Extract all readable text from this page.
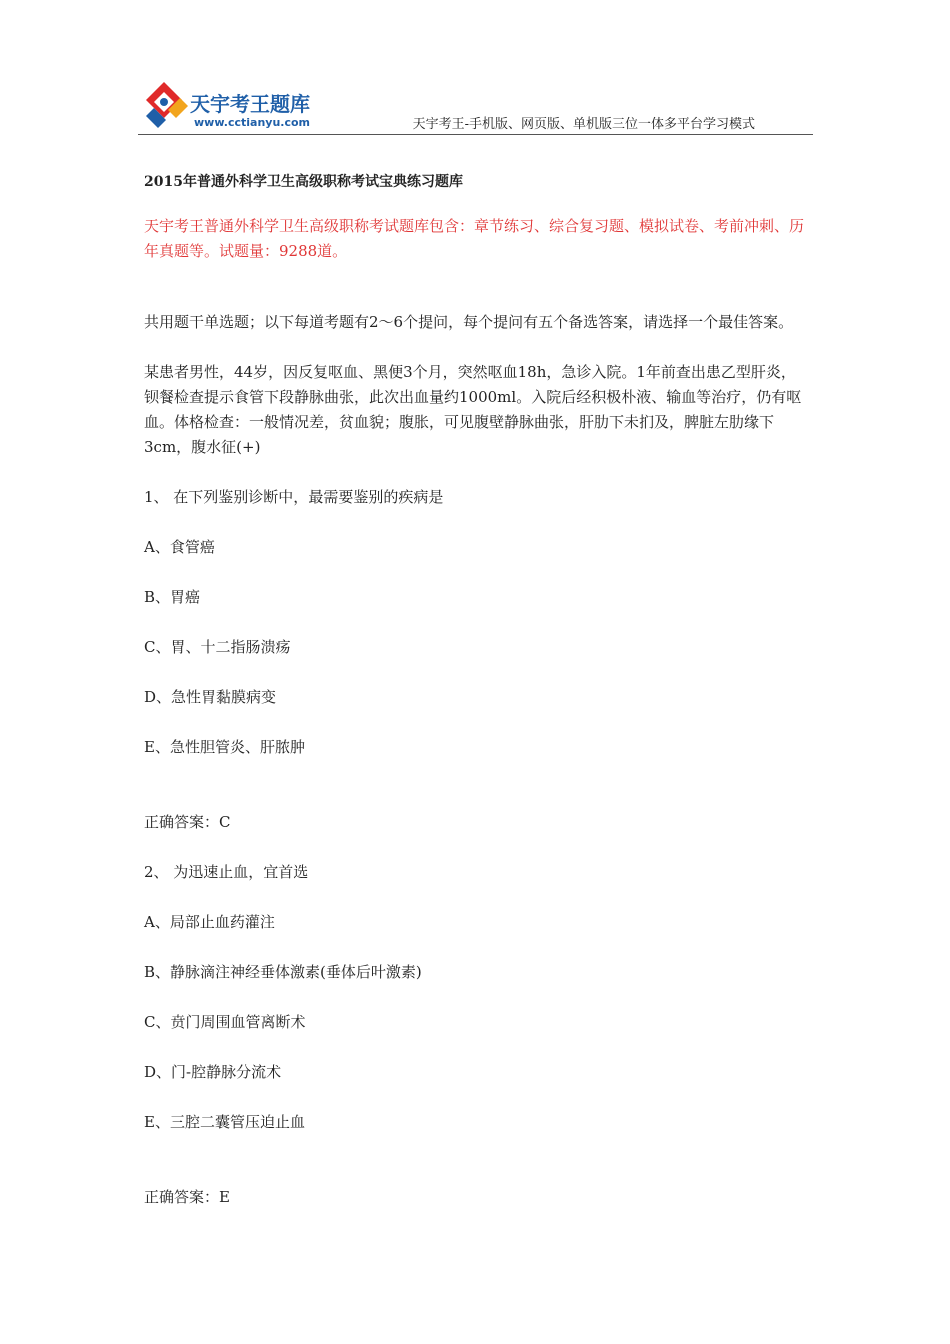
天宇考王题库
www.cctianyu.com	天宇考王-手机版、网页版、单机版三位一体多平台学习模式
2015年普通外科学卫生高级职称考试宝典练习题库
天宇考王普通外科学卫生高级职称考试题库包含：章节练习、综合复习题、模拟试卷、考前冲刺、历年真题等。试题量：9288道。
共用题干单选题；以下每道考题有2～6个提问，每个提问有五个备选答案，请选择一个最佳答案。
某患者男性，44岁，因反复呕血、黑便3个月，突然呕血18h，急诊入院。1年前查出患乙型肝炎，钡餐检查提示食管下段静脉曲张，此次出血量约1000ml。入院后经积极朴液、输血等治疗，仍有呕血。体格检查：一般情况差，贫血貌；腹胀，可见腹壁静脉曲张，肝肋下未扪及，脾脏左肋缘下3cm，腹水征(+)
1、 在下列鉴别诊断中，最需要鉴别的疾病是
A、食管癌
B、胃癌
C、胃、十二指肠溃疡
D、急性胃黏膜病变
E、急性胆管炎、肝脓肿
正确答案：C
2、 为迅速止血，宜首选
A、局部止血药灌注
B、静脉滴注神经垂体激素(垂体后叶激素)
C、贲门周围血管离断术
D、门-腔静脉分流术
E、三腔二囊管压迫止血
正确答案：E
